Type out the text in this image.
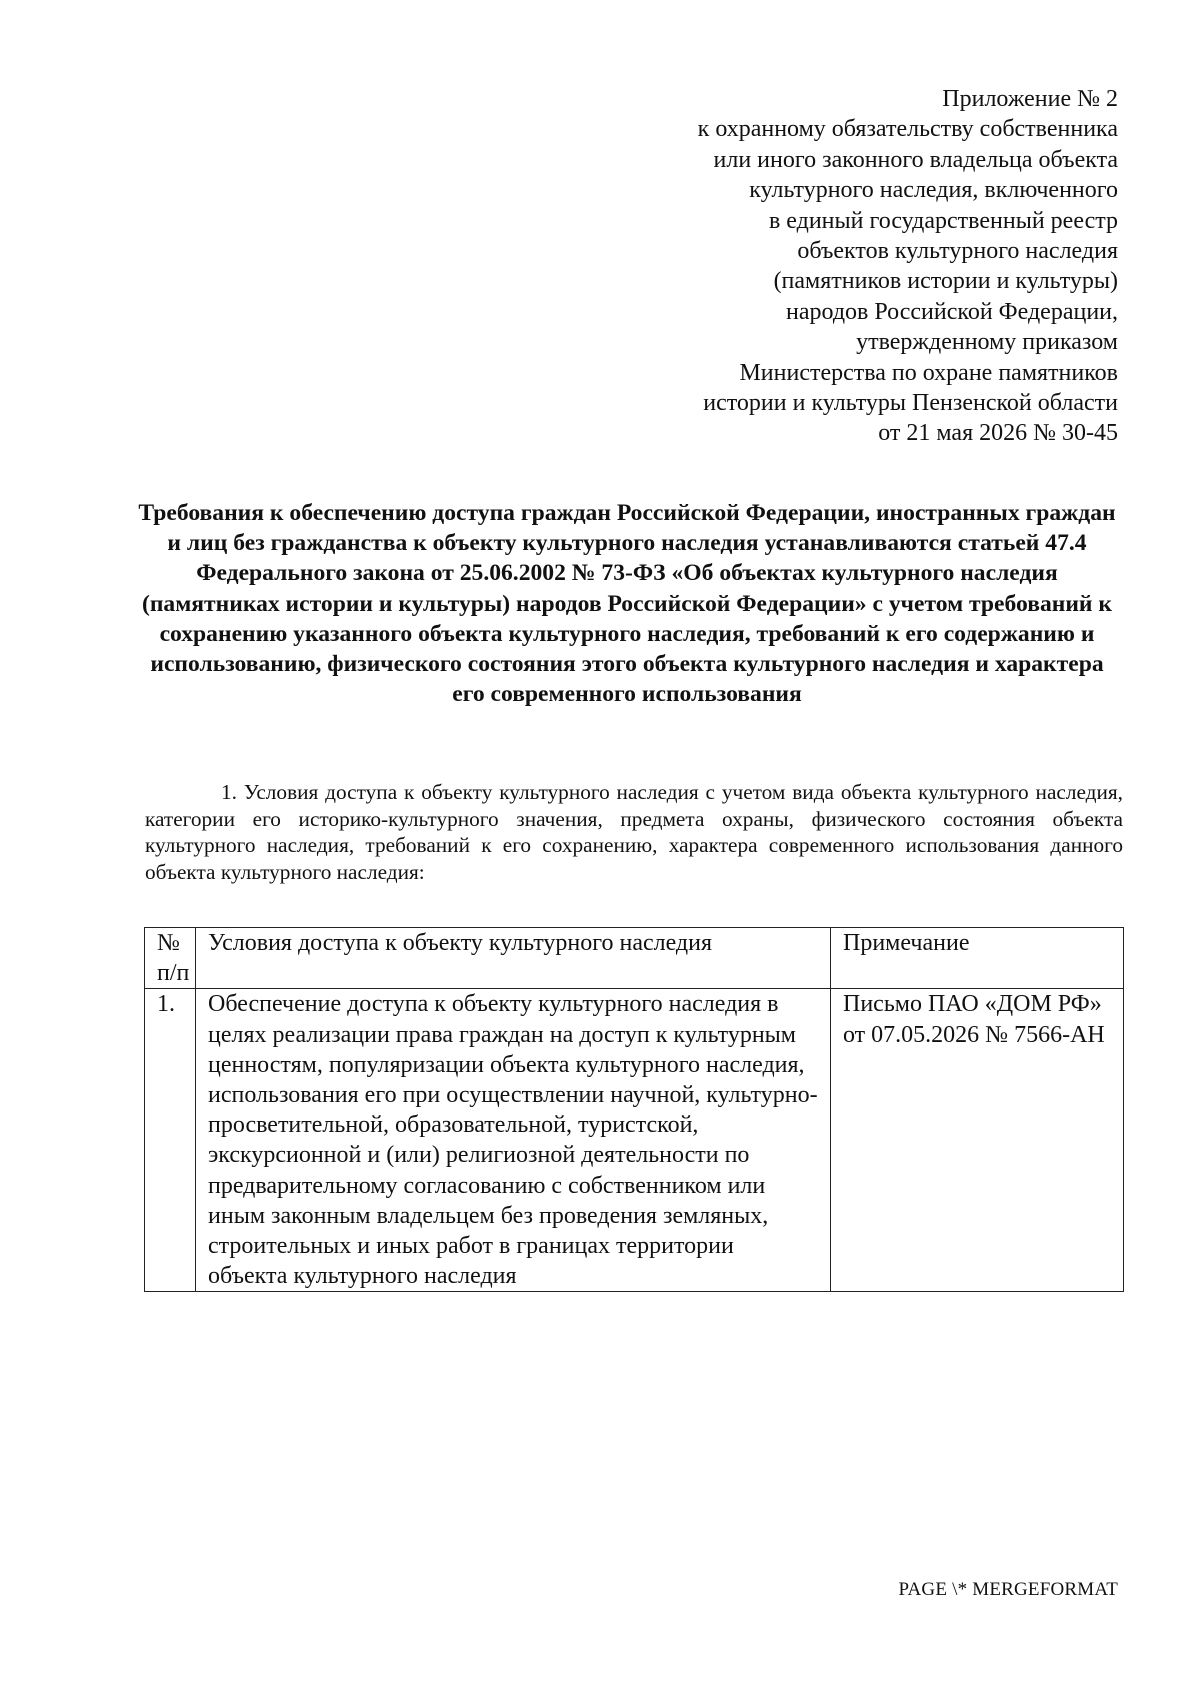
Приложение № 2
к охранному обязательству собственника
или иного законного владельца объекта
культурного наследия, включенного
в единый государственный реестр
объектов культурного наследия
(памятников истории и культуры)
народов Российской Федерации,
утвержденному приказом
Министерства по охране памятников
истории и культуры Пензенской области
от 21 мая 2026 № 30-45
Требования к обеспечению доступа граждан Российской Федерации, иностранных граждан и лиц без гражданства к объекту культурного наследия устанавливаются статьей 47.4 Федерального закона от 25.06.2002 № 73-ФЗ «Об объектах культурного наследия (памятниках истории и культуры) народов Российской Федерации» с учетом требований к сохранению указанного объекта культурного наследия, требований к его содержанию и использованию, физического состояния этого объекта культурного наследия и характера его современного использования

1. Условия доступа к объекту культурного наследия с учетом вида объекта культурного наследия, категории его историко-культурного значения, предмета охраны, физического состояния объекта культурного наследия, требований к его сохранению, характера современного использования данного объекта культурного наследия:

№ п/п	Условия доступа к объекту культурного наследия	Примечание
1.	Обеспечение доступа к объекту культурного наследия в целях реализации права граждан на доступ к культурным ценностям, популяризации объекта культурного наследия, использования его при осуществлении научной, культурно-просветительной, образовательной, туристской, экскурсионной и (или) религиозной деятельности по предварительному согласованию с собственником или иным законным владельцем без проведения земляных, строительных и иных работ в границах территории объекта культурного наследия	Письмо ПАО «ДОМ РФ» от 07.05.2026 № 7566-АН
PAGE \* MERGEFORMAT
